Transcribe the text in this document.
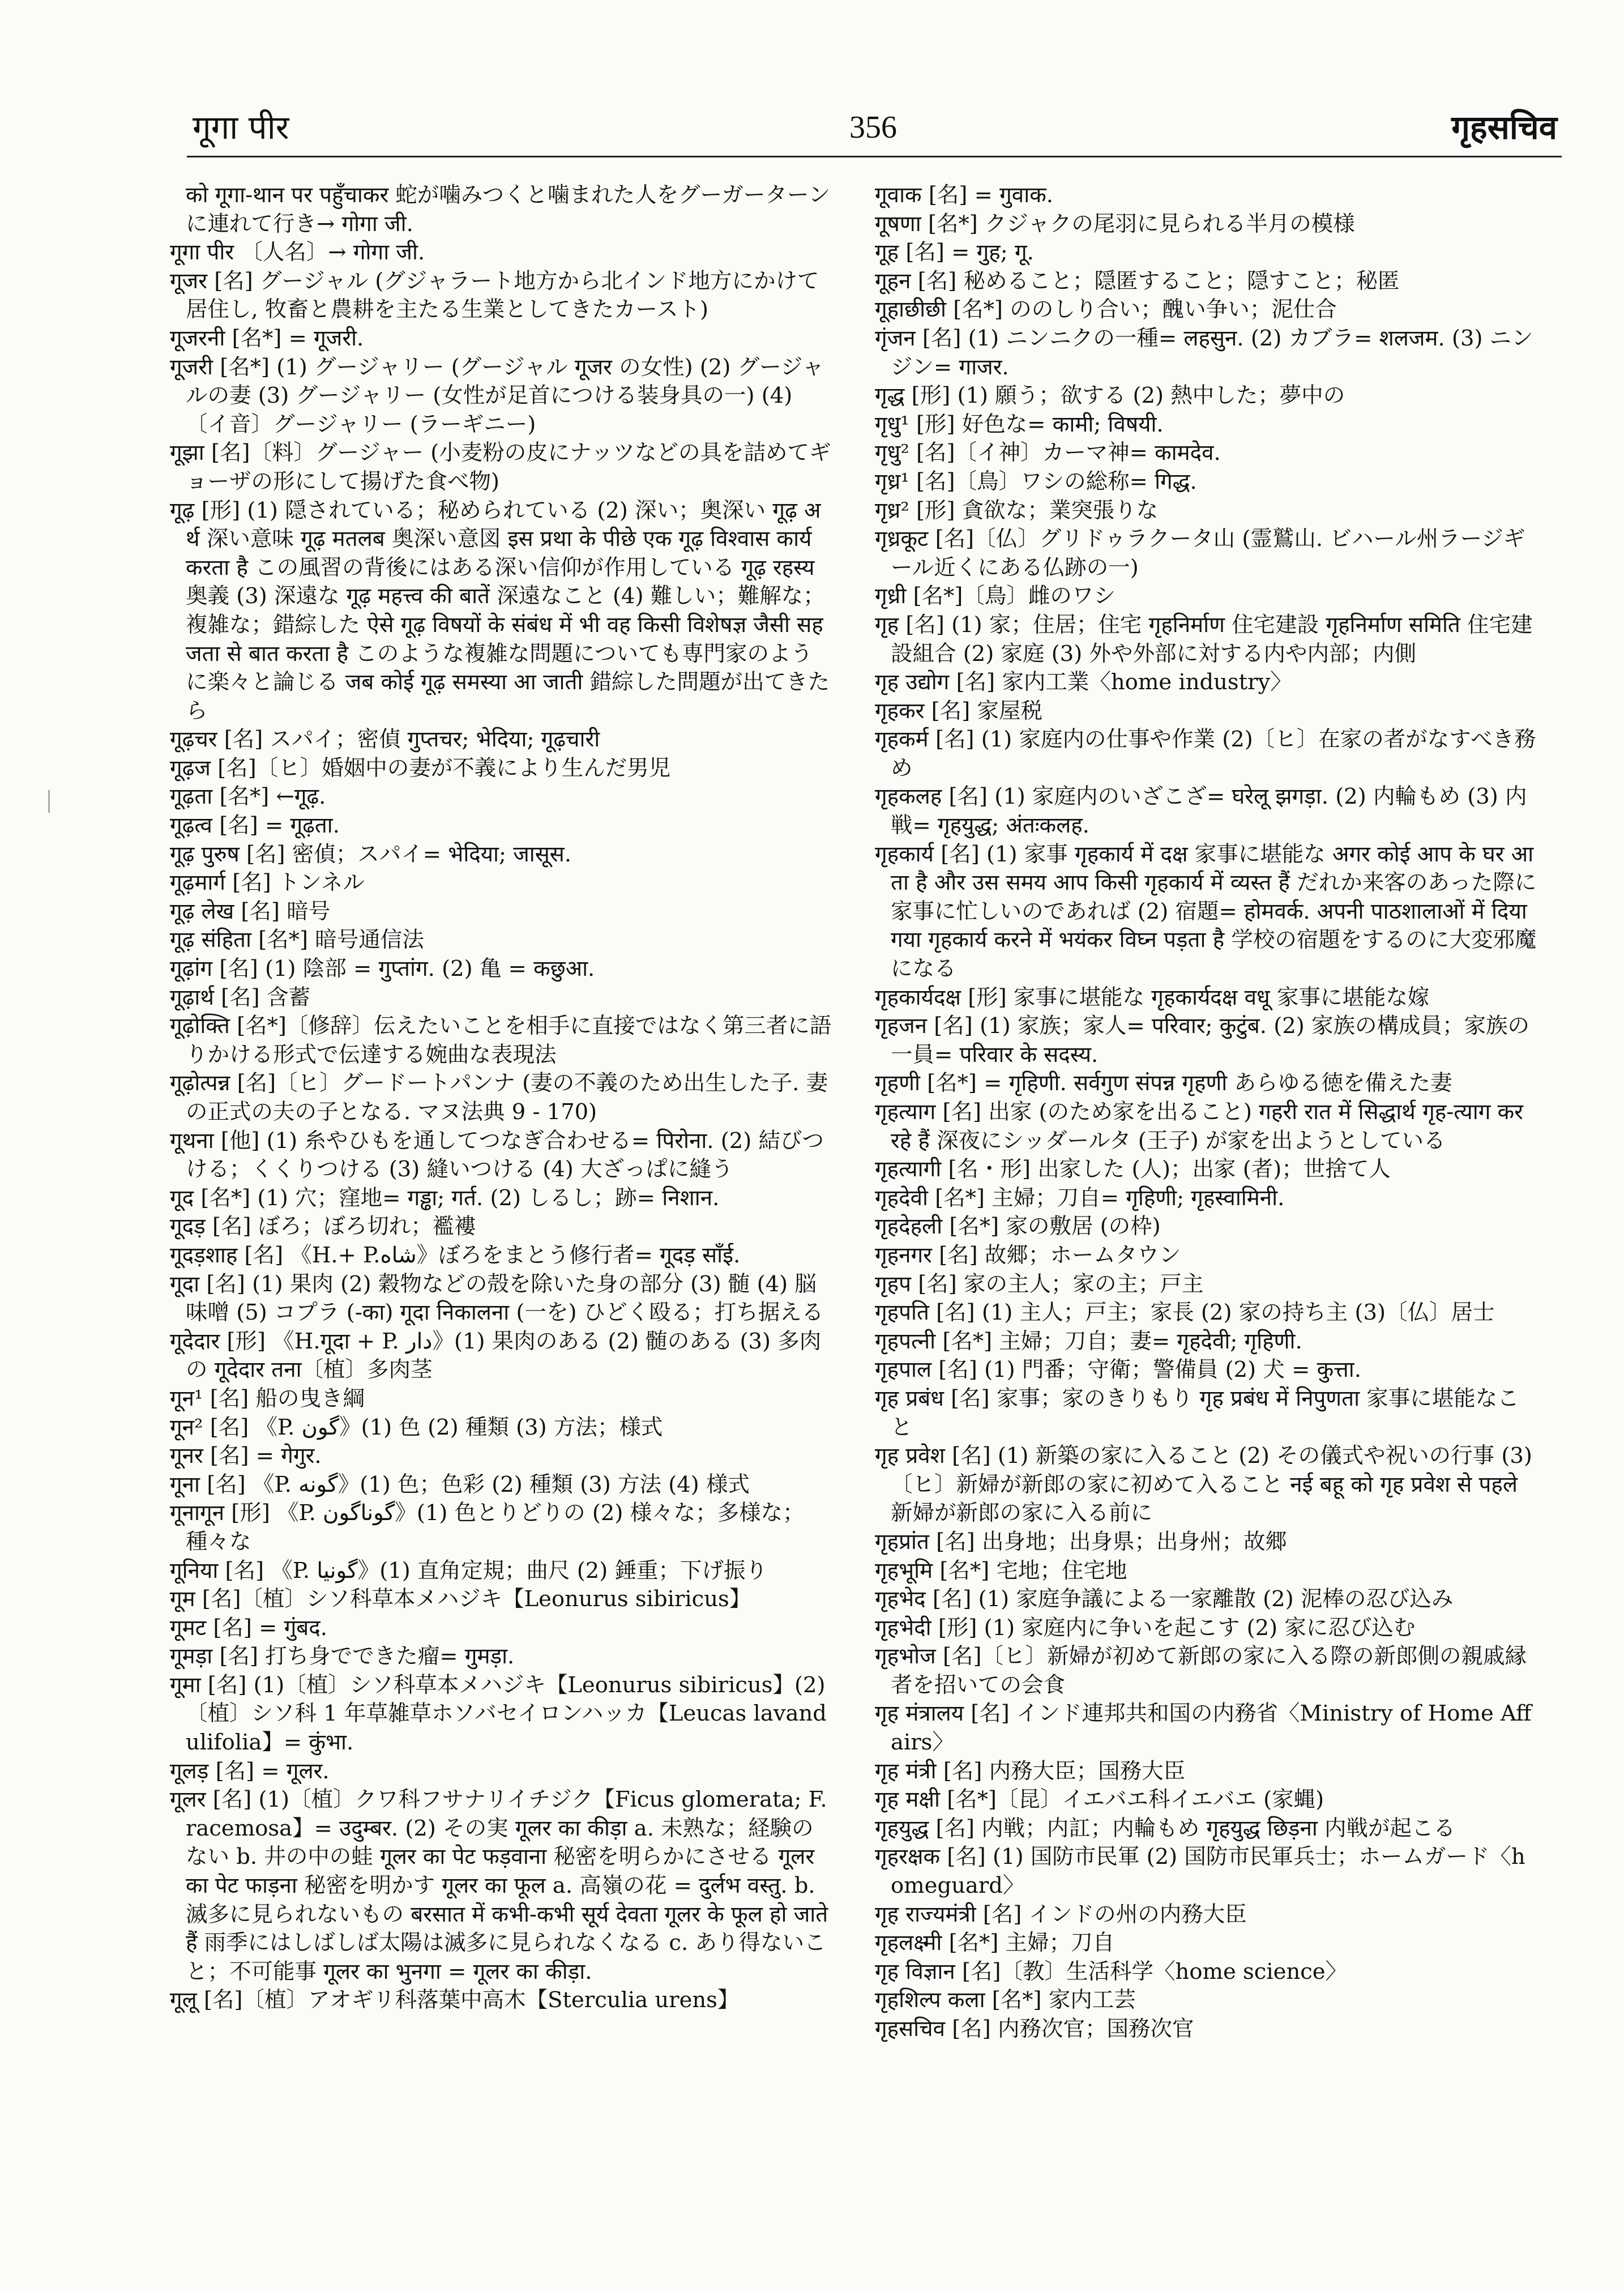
गूगा पीर	356	गृहसचिव

को गूगा-थान पर पहुँचाकर 蛇が噛みつくと噛まれた人をグーガーターンに連れて行き→ गोगा जी.

गूगा पीर 〔人名〕→ गोगा जी.

गूजर [名] グージャル (グジャラート地方から北インド地方にかけて居住し, 牧畜と農耕を主たる生業としてきたカースト)

गूजरनी [名*] = गूजरी.

गूजरी [名*] (1) グージャリー (グージャル गूजर の女性) (2) グージャルの妻 (3) グージャリー (女性が足首につける装身具の一) (4)〔イ音〕グージャリー (ラーギニー)

गूझा [名]〔料〕グージャー (小麦粉の皮にナッツなどの具を詰めてギョーザの形にして揚げた食べ物)

गूढ़ [形] (1) 隠されている；秘められている (2) 深い；奥深い गूढ़ अर्थ 深い意味 गूढ़ मतलब 奥深い意図 इस प्रथा के पीछे एक गूढ़ विश्वास कार्य करता है この風習の背後にはある深い信仰が作用している गूढ़ रहस्य 奥義 (3) 深遠な गूढ़ महत्त्व की बातें 深遠なこと (4) 難しい；難解な；複雑な；錯綜した ऐसे गूढ़ विषयों के संबंध में भी वह किसी विशेषज्ञ जैसी सहजता से बात करता है このような複雑な問題についても専門家のように楽々と論じる जब कोई गूढ़ समस्या आ जाती 錯綜した問題が出てきたら

गूढ़चर [名] スパイ；密偵 गुप्तचर; भेदिया; गूढ़चारी

गूढ़ज [名]〔ヒ〕婚姻中の妻が不義により生んだ男児

गूढ़ता [名*] ←गूढ़.

गूढ़त्व [名] = गूढ़ता.

गूढ़ पुरुष [名] 密偵；スパイ= भेदिया; जासूस.

गूढ़मार्ग [名] トンネル

गूढ़ लेख [名] 暗号

गूढ़ संहिता [名*] 暗号通信法

गूढ़ांग [名] (1) 陰部 = गुप्तांग. (2) 亀 = कछुआ.

गूढ़ार्थ [名] 含蓄

गूढ़ोक्ति [名*]〔修辞〕伝えたいことを相手に直接ではなく第三者に語りかける形式で伝達する婉曲な表現法

गूढ़ोत्पन्न [名]〔ヒ〕グードートパンナ (妻の不義のため出生した子. 妻の正式の夫の子となる. マヌ法典 9 - 170)

गूथना [他] (1) 糸やひもを通してつなぎ合わせる= पिरोना. (2) 結びつける；くくりつける (3) 縫いつける (4) 大ざっぱに縫う

गूद [名*] (1) 穴；窪地= गड्ढा; गर्त. (2) しるし；跡= निशान.

गूदड़ [名] ぼろ；ぼろ切れ；襤褸

गूदड़शाह [名] 《H.+ P.شاه》ぼろをまとう修行者= गूदड़ साँई.

गूदा [名] (1) 果肉 (2) 穀物などの殻を除いた身の部分 (3) 髄 (4) 脳味噌 (5) コプラ (-का) गूदा निकालना (一を) ひどく殴る；打ち据える

गूदेदार [形] 《H.गूदा + P. دار》(1) 果肉のある (2) 髄のある (3) 多肉の गूदेदार तना〔植〕多肉茎

गून¹ [名] 船の曳き綱

गून² [名] 《P. گون》(1) 色 (2) 種類 (3) 方法；様式

गूनर [名] = गेगुर.

गूना [名] 《P. گونه》(1) 色；色彩 (2) 種類 (3) 方法 (4) 様式

गूनागून [形] 《P. گوناگون》(1) 色とりどりの (2) 様々な；多様な；種々な

गूनिया [名] 《P. گونیا》(1) 直角定規；曲尺 (2) 錘重；下げ振り

गूम [名]〔植〕シソ科草本メハジキ【Leonurus sibiricus】

गूमट [名] = गुंबद.

गूमड़ा [名] 打ち身でできた瘤= गुमड़ा.

गूमा [名] (1)〔植〕シソ科草本メハジキ【Leonurus sibiricus】(2)〔植〕シソ科 1 年草雑草ホソバセイロンハッカ【Leucas lavandulifolia】= कुंभा.

गूलड़ [名] = गूलर.

गूलर [名] (1)〔植〕クワ科フサナリイチジク【Ficus glomerata; F. racemosa】= उदुम्बर. (2) その実 गूलर का कीड़ा a. 未熟な；経験のない b. 井の中の蛙 गूलर का पेट फड़वाना 秘密を明らかにさせる गूलर का पेट फाड़ना 秘密を明かす गूलर का फूल a. 高嶺の花 = दुर्लभ वस्तु. b. 滅多に見られないもの बरसात में कभी-कभी सूर्य देवता गूलर के फूल हो जाते हैं 雨季にはしばしば太陽は滅多に見られなくなる c. あり得ないこと；不可能事 गूलर का भुनगा = गूलर का कीड़ा.

गूलू [名]〔植〕アオギリ科落葉中高木【Sterculia urens】

गूवाक [名] = गुवाक.

गूषणा [名*] クジャクの尾羽に見られる半月の模様

गूह [名] = गुह; गू.

गूहन [名] 秘めること；隠匿すること；隠すこと；秘匿

गूहाछीछी [名*] ののしり合い；醜い争い；泥仕合

गृंजन [名] (1) ニンニクの一種= लहसुन. (2) カブラ= शलजम. (3) ニンジン= गाजर.

गृद्ध [形] (1) 願う；欲する (2) 熱中した；夢中の

गृधु¹ [形] 好色な= कामी; विषयी.

गृधु² [名]〔イ神〕カーマ神= कामदेव.

गृध्र¹ [名]〔鳥〕ワシの総称= गिद्ध.

गृध्र² [形] 貪欲な；業突張りな

गृध्रकूट [名]〔仏〕グリドゥラクータ山 (霊鷲山. ビハール州ラージギール近くにある仏跡の一)

गृध्री [名*]〔鳥〕雌のワシ

गृह [名] (1) 家；住居；住宅 गृहनिर्माण 住宅建設 गृहनिर्माण समिति 住宅建設組合 (2) 家庭 (3) 外や外部に対する内や内部；内側

गृह उद्योग [名] 家内工業〈home industry〉

गृहकर [名] 家屋税

गृहकर्म [名] (1) 家庭内の仕事や作業 (2)〔ヒ〕在家の者がなすべき務め

गृहकलह [名] (1) 家庭内のいざこざ= घरेलू झगड़ा. (2) 内輪もめ (3) 内戦= गृहयुद्ध; अंतःकलह.

गृहकार्य [名] (1) 家事 गृहकार्य में दक्ष 家事に堪能な अगर कोई आप के घर आता है और उस समय आप किसी गृहकार्य में व्यस्त हैं だれか来客のあった際に家事に忙しいのであれば (2) 宿題= होमवर्क. अपनी पाठशालाओं में दिया गया गृहकार्य करने में भयंकर विघ्न पड़ता है 学校の宿題をするのに大変邪魔になる

गृहकार्यदक्ष [形] 家事に堪能な गृहकार्यदक्ष वधू 家事に堪能な嫁

गृहजन [名] (1) 家族；家人= परिवार; कुटुंब. (2) 家族の構成員；家族の一員= परिवार के सदस्य.

गृहणी [名*] = गृहिणी. सर्वगुण संपन्न गृहणी あらゆる徳を備えた妻

गृहत्याग [名] 出家 (のため家を出ること) गहरी रात में सिद्धार्थ गृह-त्याग कर रहे हैं 深夜にシッダールタ (王子) が家を出ようとしている

गृहत्यागी [名・形] 出家した (人)；出家 (者)；世捨て人

गृहदेवी [名*] 主婦；刀自= गृहिणी; गृहस्वामिनी.

गृहदेहली [名*] 家の敷居 (の枠)

गृहनगर [名] 故郷；ホームタウン

गृहप [名] 家の主人；家の主；戸主

गृहपति [名] (1) 主人；戸主；家長 (2) 家の持ち主 (3)〔仏〕居士

गृहपत्नी [名*] 主婦；刀自；妻= गृहदेवी; गृहिणी.

गृहपाल [名] (1) 門番；守衛；警備員 (2) 犬 = कुत्ता.

गृह प्रबंध [名] 家事；家のきりもり गृह प्रबंध में निपुणता 家事に堪能なこと

गृह प्रवेश [名] (1) 新築の家に入ること (2) その儀式や祝いの行事 (3)〔ヒ〕新婦が新郎の家に初めて入ること नई बहू को गृह प्रवेश से पहले 新婦が新郎の家に入る前に

गृहप्रांत [名] 出身地；出身県；出身州；故郷

गृहभूमि [名*] 宅地；住宅地

गृहभेद [名] (1) 家庭争議による一家離散 (2) 泥棒の忍び込み

गृहभेदी [形] (1) 家庭内に争いを起こす (2) 家に忍び込む

गृहभोज [名]〔ヒ〕新婦が初めて新郎の家に入る際の新郎側の親戚縁者を招いての会食

गृह मंत्रालय [名] インド連邦共和国の内務省〈Ministry of Home Affairs〉

गृह मंत्री [名] 内務大臣；国務大臣

गृह मक्षी [名*]〔昆〕イエバエ科イエバエ (家蝿)

गृहयुद्ध [名] 内戦；内訌；内輪もめ गृहयुद्ध छिड़ना 内戦が起こる

गृहरक्षक [名] (1) 国防市民軍 (2) 国防市民軍兵士；ホームガード〈homeguard〉

गृह राज्यमंत्री [名] インドの州の内務大臣

गृहलक्ष्मी [名*] 主婦；刀自

गृह विज्ञान [名]〔教〕生活科学〈home science〉

गृहशिल्प कला [名*] 家内工芸

गृहसचिव [名] 内務次官；国務次官
